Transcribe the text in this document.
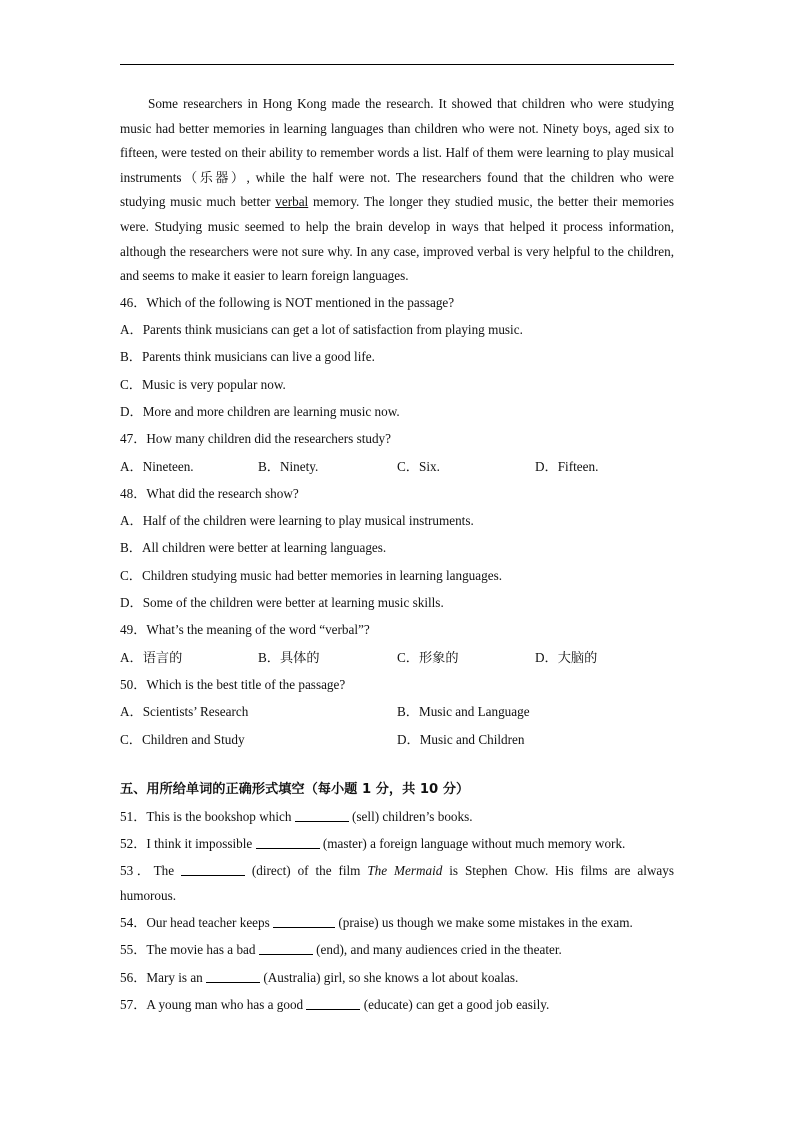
Some researchers in Hong Kong made the research. It showed that children who were studying music had better memories in learning languages than children who were not. Ninety boys, aged six to fifteen, were tested on their ability to remember words a list. Half of them were learning to play musical instruments（乐器）, while the half were not. The researchers found that the children who were studying music much better verbal memory. The longer they studied music, the better their memories were. Studying music seemed to help the brain develop in ways that helped it process information, although the researchers were not sure why. In any case, improved verbal is very helpful to the children, and seems to make it easier to learn foreign languages.

46．Which of the following is NOT mentioned in the passage?
A．Parents think musicians can get a lot of satisfaction from playing music.
B．Parents think musicians can live a good life.
C．Music is very popular now.
D．More and more children are learning music now.
47．How many children did the researchers study?
A．Nineteen.	B．Ninety.	C．Six.	D．Fifteen.
48．What did the research show?
A．Half of the children were learning to play musical instruments.
B．All children were better at learning languages.
C．Children studying music had better memories in learning languages.
D．Some of the children were better at learning music skills.
49．What’s the meaning of the word “verbal”?
A．语言的	B．具体的	C．形象的	D．大脑的
50．Which is the best title of the passage?
A．Scientists’ Research	B．Music and Language
C．Children and Study	D．Music and Children
五、用所给单词的正确形式填空（每小题 1 分，共 10 分）
51．This is the bookshop which	(sell) children’s books.
52．I think it impossible	(master) a foreign language without much memory work.
53．The	(direct) of the film The Mermaid is Stephen Chow. His films are always humorous.
54．Our head teacher keeps	(praise) us though we make some mistakes in the exam.
55．The movie has a bad	(end), and many audiences cried in the theater.
56．Mary is an	(Australia) girl, so she knows a lot about koalas.
57．A young man who has a good	(educate) can get a good job easily.
